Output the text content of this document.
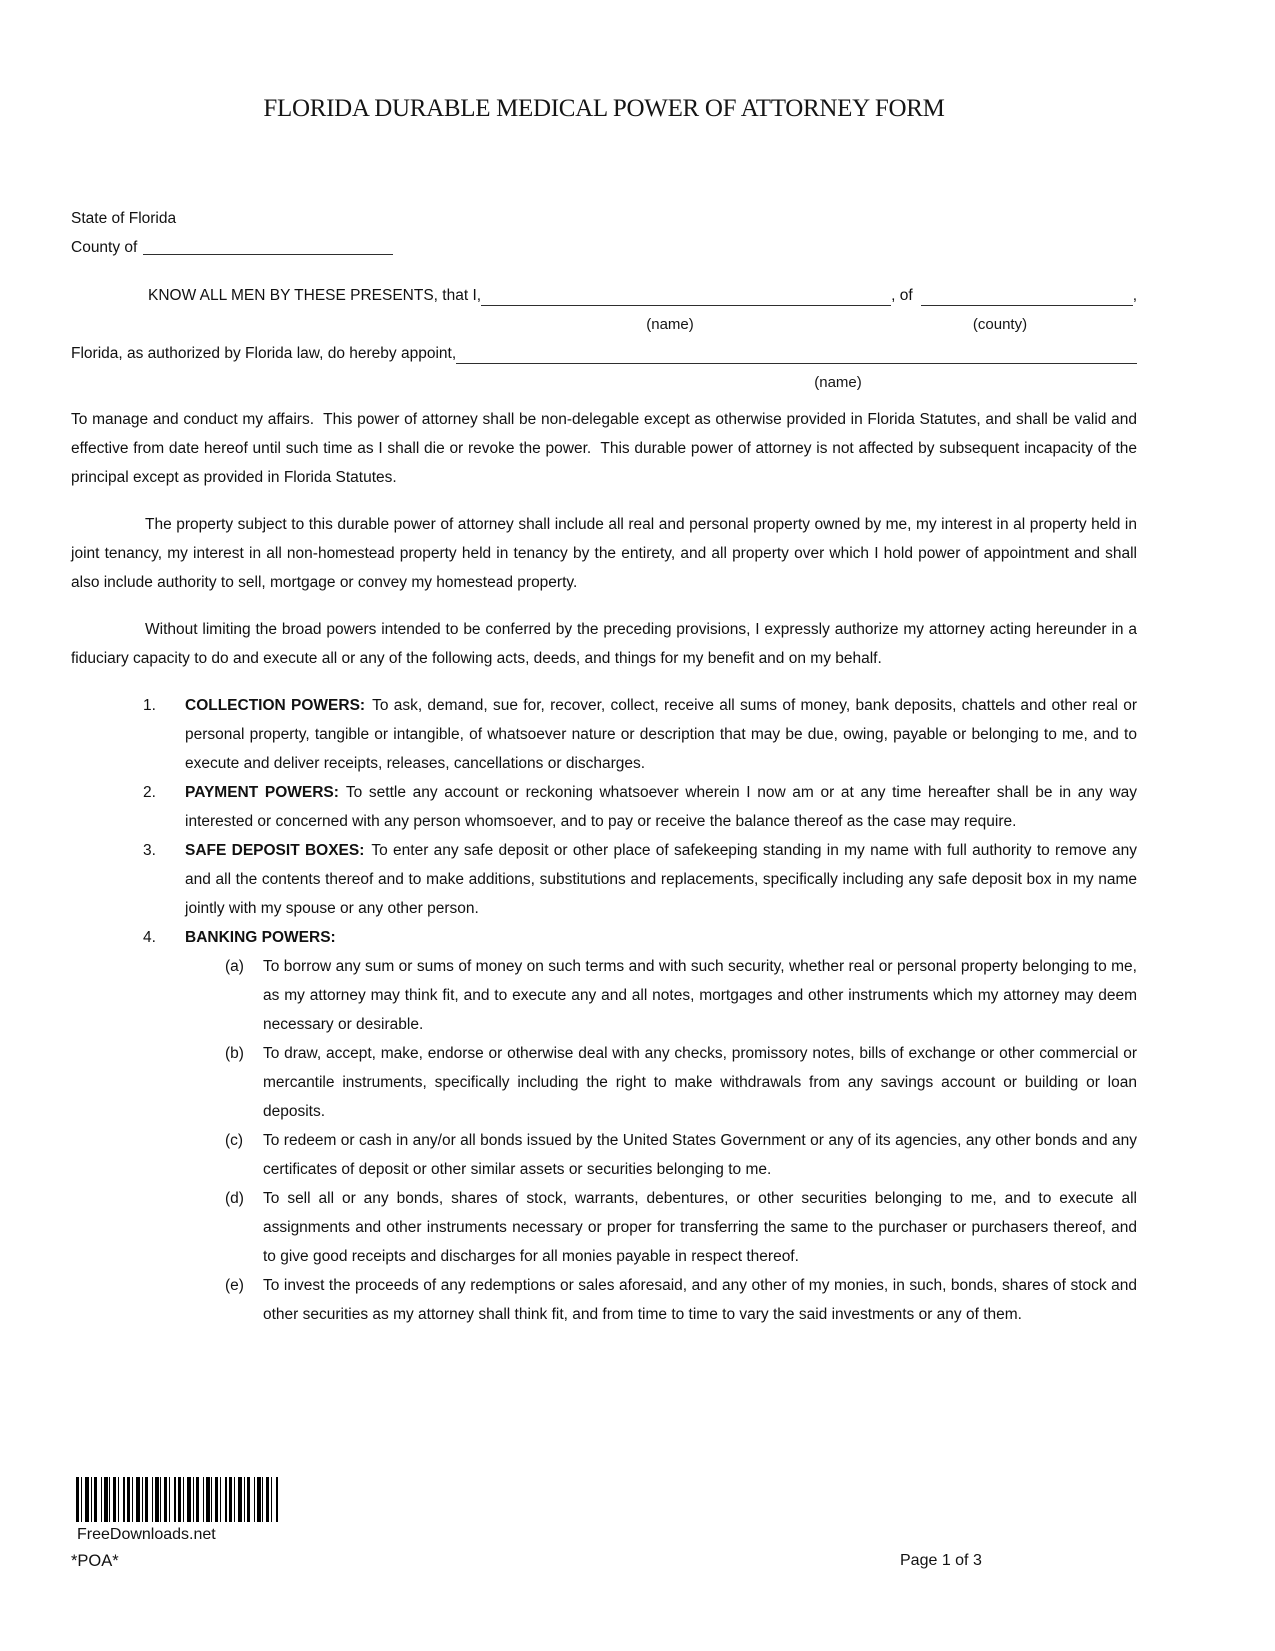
FLORIDA DURABLE MEDICAL POWER OF ATTORNEY FORM
State of Florida
County of
KNOW ALL MEN BY THESE PRESENTS, that I,	, of	,
(name)	(county)
Florida, as authorized by Florida law, do hereby appoint,
(name)
To manage and conduct my affairs.  This power of attorney shall be non-delegable except as otherwise provided in Florida Statutes, and shall be valid and effective from date hereof until such time as I shall die or revoke the power.  This durable power of attorney is not affected by subsequent incapacity of the principal except as provided in Florida Statutes.
The property subject to this durable power of attorney shall include all real and personal property owned by me, my interest in al property held in joint tenancy, my interest in all non-homestead property held in tenancy by the entirety, and all property over which I hold power of appointment and shall also include authority to sell, mortgage or convey my homestead property.
Without limiting the broad powers intended to be conferred by the preceding provisions, I expressly authorize my attorney acting hereunder in a fiduciary capacity to do and execute all or any of the following acts, deeds, and things for my benefit and on my behalf.
1. COLLECTION POWERS: To ask, demand, sue for, recover, collect, receive all sums of money, bank deposits, chattels and other real or personal property, tangible or intangible, of whatsoever nature or description that may be due, owing, payable or belonging to me, and to execute and deliver receipts, releases, cancellations or discharges.
2. PAYMENT POWERS: To settle any account or reckoning whatsoever wherein I now am or at any time hereafter shall be in any way interested or concerned with any person whomsoever, and to pay or receive the balance thereof as the case may require.
3. SAFE DEPOSIT BOXES: To enter any safe deposit or other place of safekeeping standing in my name with full authority to remove any and all the contents thereof and to make additions, substitutions and replacements, specifically including any safe deposit box in my name jointly with my spouse or any other person.
4. BANKING POWERS:
(a) To borrow any sum or sums of money on such terms and with such security, whether real or personal property belonging to me, as my attorney may think fit, and to execute any and all notes, mortgages and other instruments which my attorney may deem necessary or desirable.
(b) To draw, accept, make, endorse or otherwise deal with any checks, promissory notes, bills of exchange or other commercial or mercantile instruments, specifically including the right to make withdrawals from any savings account or building or loan deposits.
(c) To redeem or cash in any/or all bonds issued by the United States Government or any of its agencies, any other bonds and any certificates of deposit or other similar assets or securities belonging to me.
(d) To sell all or any bonds, shares of stock, warrants, debentures, or other securities belonging to me, and to execute all assignments and other instruments necessary or proper for transferring the same to the purchaser or purchasers thereof, and to give good receipts and discharges for all monies payable in respect thereof.
(e) To invest the proceeds of any redemptions or sales aforesaid, and any other of my monies, in such, bonds, shares of stock and other securities as my attorney shall think fit, and from time to time to vary the said investments or any of them.
FreeDownloads.net
*POA*	Page 1 of 3
